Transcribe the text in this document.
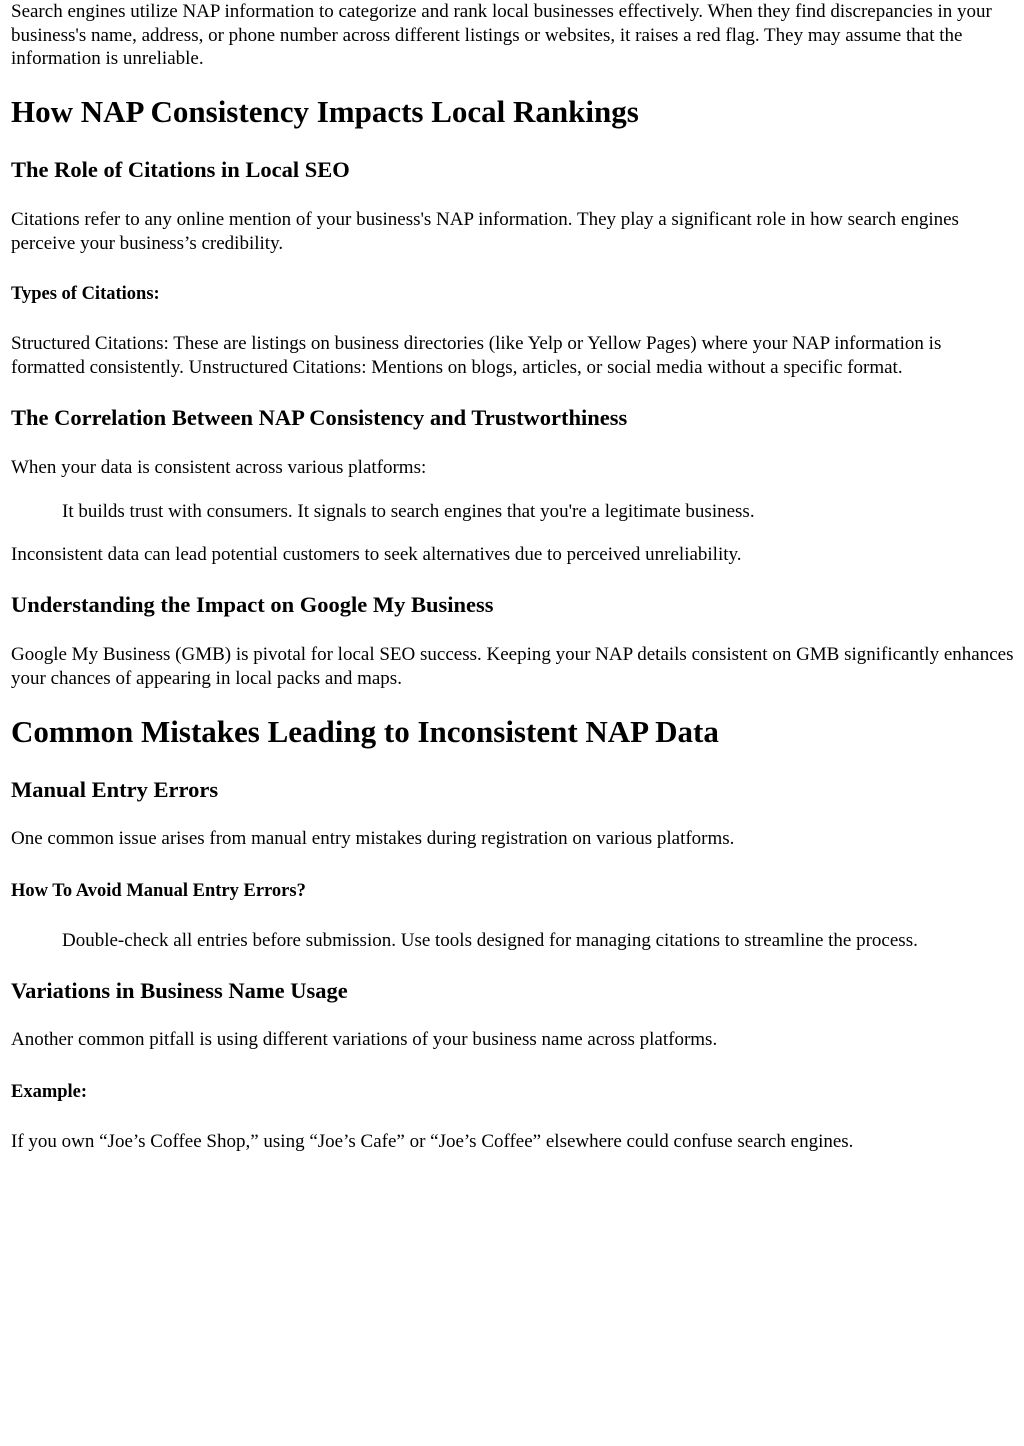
Search engines utilize NAP information to categorize and rank local businesses effectively. When they find discrepancies in your business's name, address, or phone number across different listings or websites, it raises a red flag. They may assume that the information is unreliable.

How NAP Consistency Impacts Local Rankings
The Role of Citations in Local SEO

Citations refer to any online mention of your business's NAP information. They play a significant role in how search engines perceive your business’s credibility.

Types of Citations:

Structured Citations: These are listings on business directories (like Yelp or Yellow Pages) where your NAP information is formatted consistently. Unstructured Citations: Mentions on blogs, articles, or social media without a specific format.

The Correlation Between NAP Consistency and Trustworthiness

When your data is consistent across various platforms:

It builds trust with consumers. It signals to search engines that you're a legitimate business.

Inconsistent data can lead potential customers to seek alternatives due to perceived unreliability.

Understanding the Impact on Google My Business

Google My Business (GMB) is pivotal for local SEO success. Keeping your NAP details consistent on GMB significantly enhances your chances of appearing in local packs and maps.

Common Mistakes Leading to Inconsistent NAP Data
Manual Entry Errors

One common issue arises from manual entry mistakes during registration on various platforms.

How To Avoid Manual Entry Errors?
Double-check all entries before submission. Use tools designed for managing citations to streamline the process.
Variations in Business Name Usage

Another common pitfall is using different variations of your business name across platforms.

Example:

If you own “Joe’s Coffee Shop,” using “Joe’s Cafe” or “Joe’s Coffee” elsewhere could confuse search engines.
